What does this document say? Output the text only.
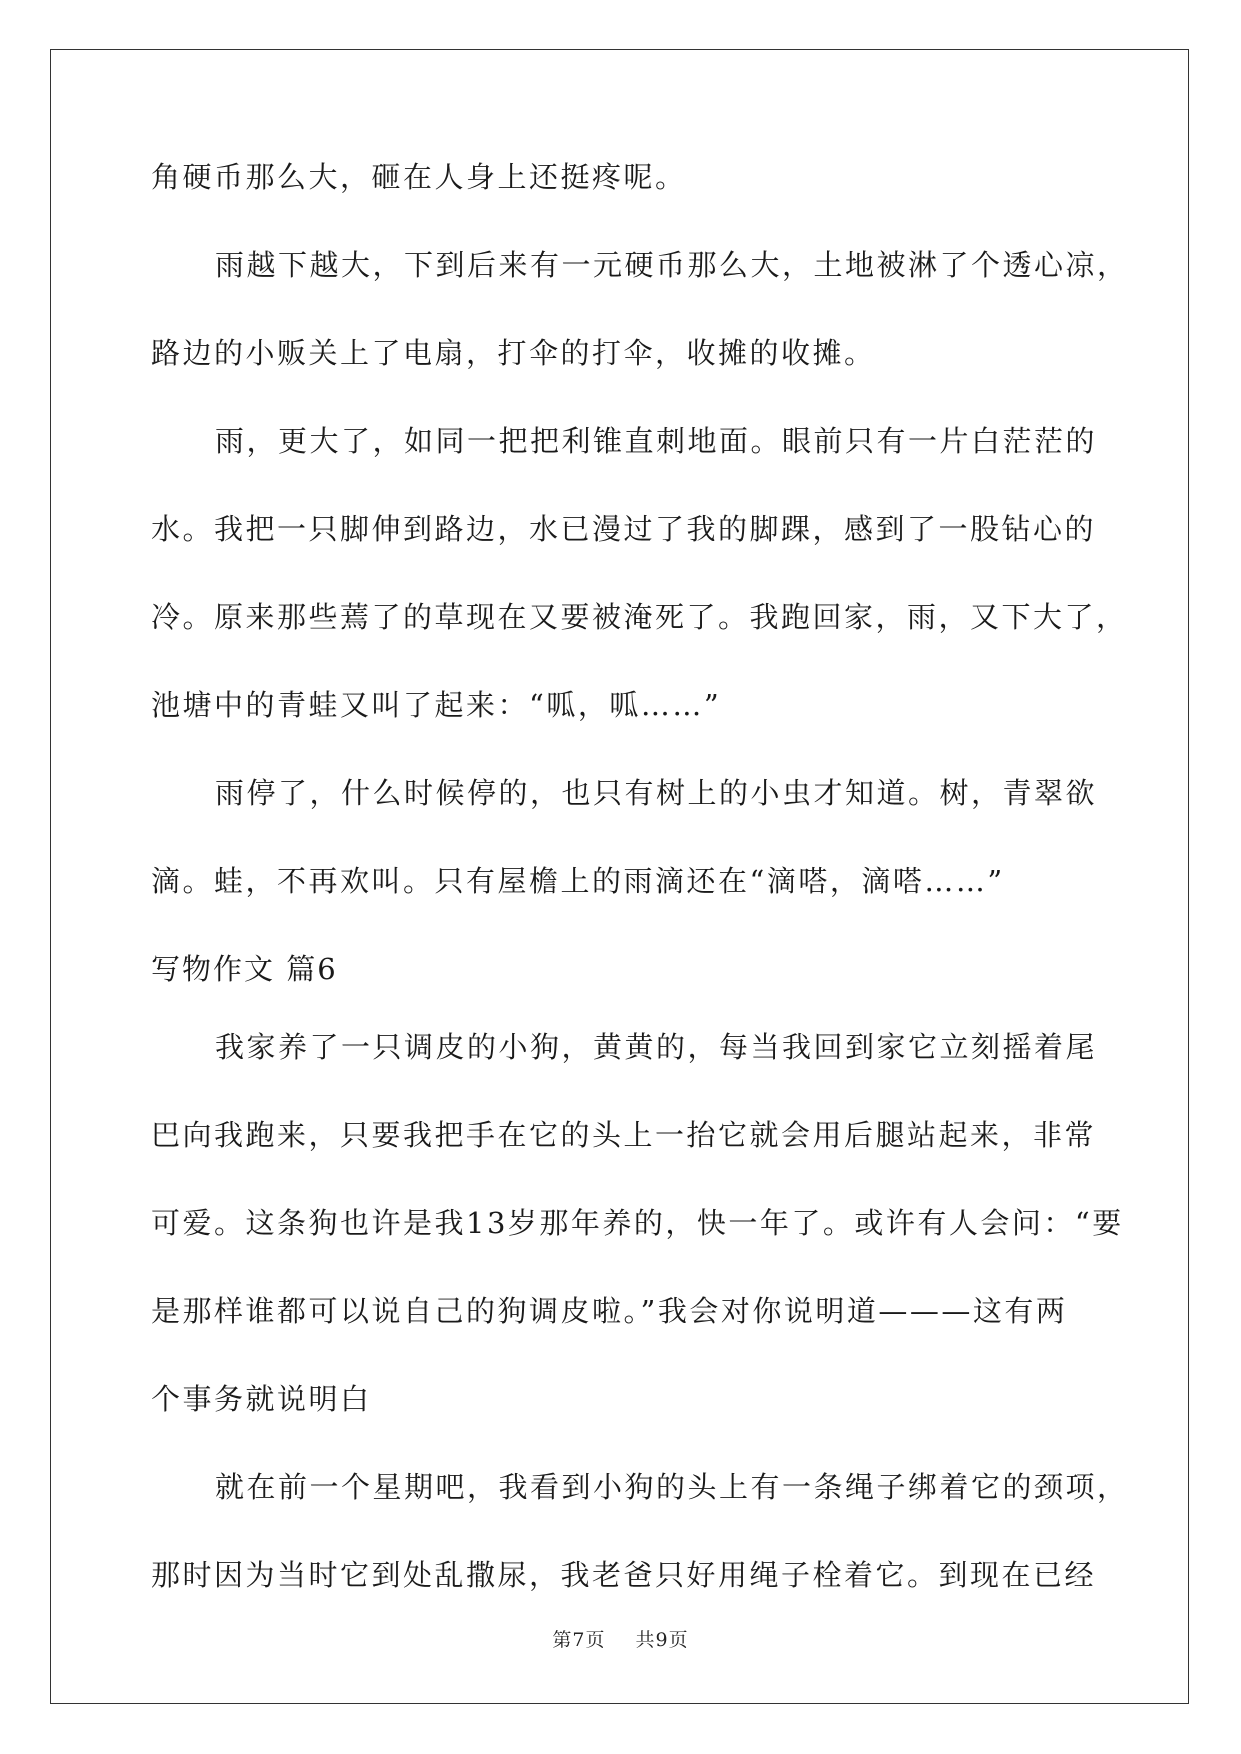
角硬币那么大，砸在人身上还挺疼呢。
雨越下越大，下到后来有一元硬币那么大，土地被淋了个透心凉，
路边的小贩关上了电扇，打伞的打伞，收摊的收摊。
雨，更大了，如同一把把利锥直刺地面。眼前只有一片白茫茫的
水。我把一只脚伸到路边，水已漫过了我的脚踝，感到了一股钻心的
冷。原来那些蔫了的草现在又要被淹死了。我跑回家，雨，又下大了，
池塘中的青蛙又叫了起来：“呱，呱……”
雨停了，什么时候停的，也只有树上的小虫才知道。树，青翠欲
滴。蛙，不再欢叫。只有屋檐上的雨滴还在“滴嗒，滴嗒……”
写物作文 篇6
我家养了一只调皮的小狗，黄黄的，每当我回到家它立刻摇着尾
巴向我跑来，只要我把手在它的头上一抬它就会用后腿站起来，非常
可爱。这条狗也许是我13岁那年养的，快一年了。或许有人会问：“要
是那样谁都可以说自己的狗调皮啦。”我会对你说明道———这有两
个事务就说明白
就在前一个星期吧，我看到小狗的头上有一条绳子绑着它的颈项，
那时因为当时它到处乱撒尿，我老爸只好用绳子栓着它。到现在已经
第7页 共9页
